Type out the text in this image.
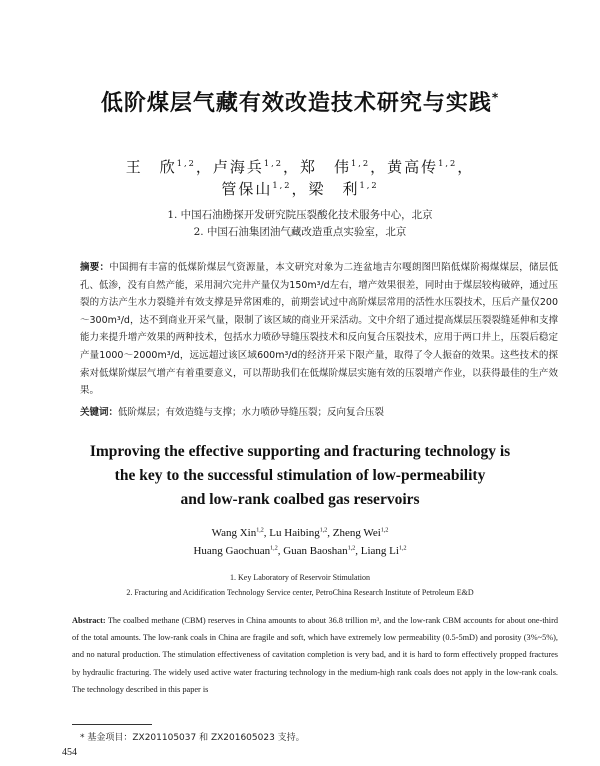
低阶煤层气藏有效改造技术研究与实践*
王　欣$^{1,2}$，卢海兵$^{1,2}$，郑　伟$^{1,2}$，黄高传$^{1,2}$，
管保山$^{1,2}$，梁　利$^{1,2}$
1. 中国石油勘探开发研究院压裂酸化技术服务中心，北京
2. 中国石油集团油气藏改造重点实验室，北京
摘要：中国拥有丰富的低煤阶煤层气资源量，本文研究对象为二连盆地吉尔嘎朗图凹陷低煤阶褐煤煤层，储层低孔、低渗，没有自然产能，采用洞穴完井产量仅为150m³/d左右，增产效果很差，同时由于煤层较构破碎，通过压裂的方法产生水力裂缝并有效支撑是异常困难的，前期尝试过中高阶煤层常用的活性水压裂技术，压后产量仅200～300m³/d，达不到商业开采气量，限制了该区域的商业开采活动。文中介绍了通过提高煤层压裂裂缝延伸和支撑能力来提升增产效果的两种技术，包括水力喷砂导缝压裂技术和反向复合压裂技术，应用于两口井上，压裂后稳定产量1000～2000m³/d，远远超过该区域600m³/d的经济开采下限产量，取得了令人振奋的效果。这些技术的探索对低煤阶煤层气增产有着重要意义，可以帮助我们在低煤阶煤层实施有效的压裂增产作业，以获得最佳的生产效果。
关键词：低阶煤层；有效造缝与支撑；水力喷砂导缝压裂；反向复合压裂
Improving the effective supporting and fracturing technology is
the key to the successful stimulation of low-permeability
and low-rank coalbed gas reservoirs
Wang Xin$^{1,2}$, Lu Haibing$^{1,2}$, Zheng Wei$^{1,2}$
Huang Gaochuan$^{1,2}$, Guan Baoshan$^{1,2}$, Liang Li$^{1,2}$
1. Key Laboratory of Reservoir Stimulation
2. Fracturing and Acidification Technology Service center, PetroChina Research Institute of Petroleum E&D
Abstract: The coalbed methane (CBM) reserves in China amounts to about 36.8 trillion m³, and the low-rank CBM accounts for about one-third of the total amounts. The low-rank coals in China are fragile and soft, which have extremely low permeability (0.5-5mD) and porosity (3%~5%), and no natural production. The stimulation effectiveness of cavitation completion is very bad, and it is hard to form effectively propped fractures by hydraulic fracturing. The widely used active water fracturing technology in the medium-high rank coals does not apply in the low-rank coals. The technology described in this paper is
* 基金项目：ZX201105037 和 ZX201605023 支持。
454
